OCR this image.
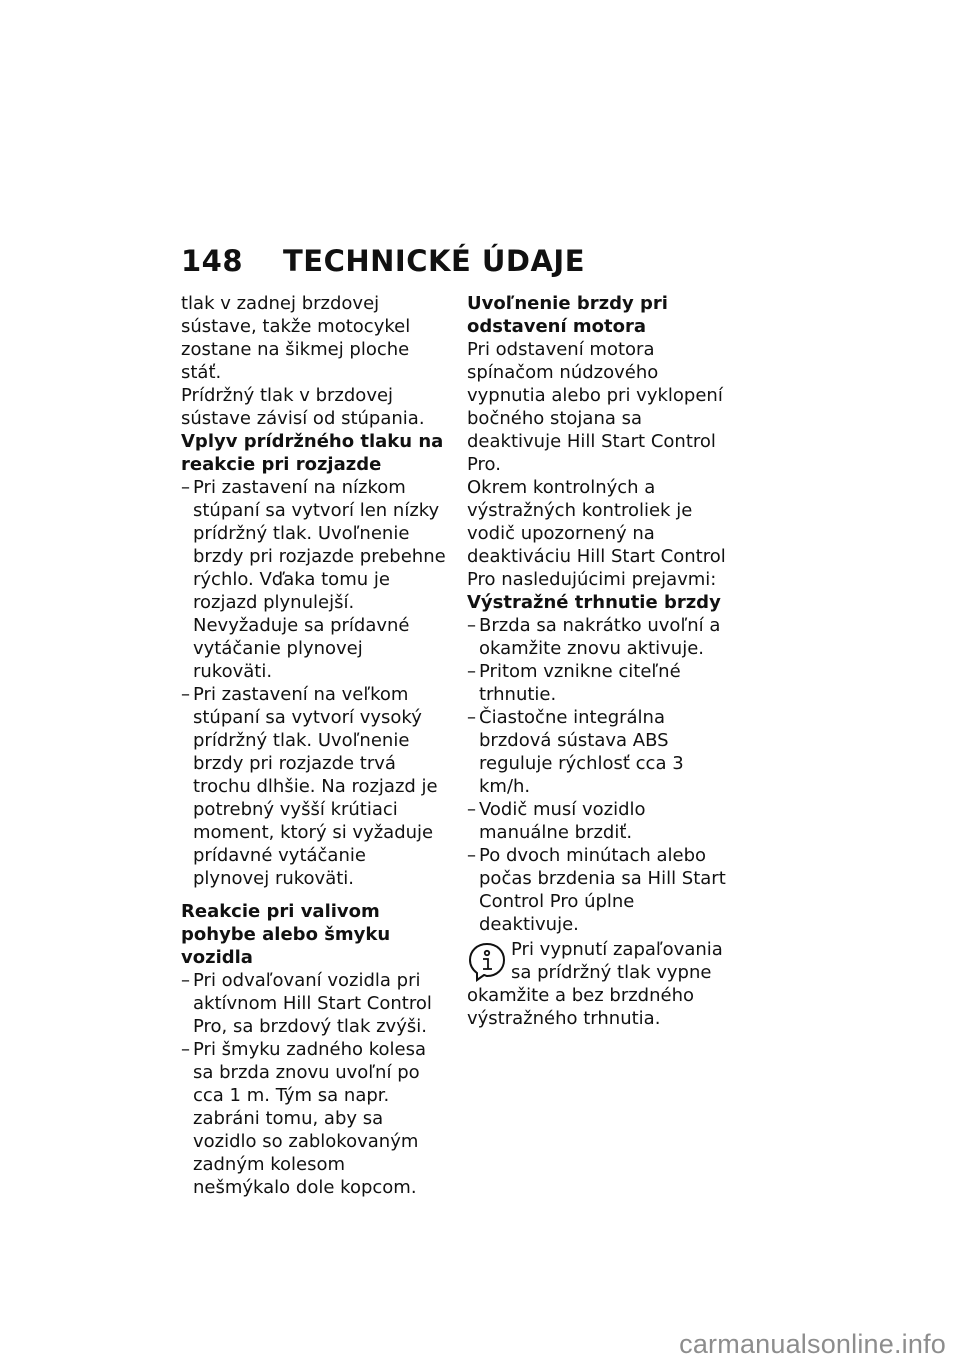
148 TECHNICKÉ ÚDAJE

tlak v zadnej brzdovej sústave, takže motocykel zostane na šikmej ploche stáť.

Prídržný tlak v brzdovej sústave závisí od stúpania.

Vplyv prídržného tlaku na reakcie pri rozjazde
– Pri zastavení na nízkom stúpaní sa vytvorí len nízky prídržný tlak. Uvoľnenie brzdy pri rozjazde prebehne rýchlo. Vďaka tomu je rozjazd plynulejší. Nevyžaduje sa prídavné vytáčanie plynovej rukoväti.
– Pri zastavení na veľkom stúpaní sa vytvorí vysoký prídržný tlak. Uvoľnenie brzdy pri rozjazde trvá trochu dlhšie. Na rozjazd je potrebný vyšší krútiaci moment, ktorý si vyžaduje prídavné vytáčanie plynovej rukoväti.
Reakcie pri valivom pohybe alebo šmyku vozidla
– Pri odvaľovaní vozidla pri aktívnom Hill Start Control Pro, sa brzdový tlak zvýši.
– Pri šmyku zadného kolesa sa brzda znovu uvoľní po cca 1 m. Tým sa napr. zabráni tomu, aby sa vozidlo so zablokovaným zadným kolesom nešmýkalo dole kopcom.
Uvoľnenie brzdy pri odstavení motora

Pri odstavení motora spínačom núdzového vypnutia alebo pri vyklopení bočného stojana sa deaktivuje Hill Start Control Pro.

Okrem kontrolných a výstražných kontroliek je vodič upozornený na deaktiváciu Hill Start Control Pro nasledujúcimi prejavmi:

Výstražné trhnutie brzdy
– Brzda sa nakrátko uvoľní a okamžite znovu aktivuje.
– Pritom vznikne citeľné trhnutie.
– Čiastočne integrálna brzdová sústava ABS reguluje rýchlosť cca 3 km/h.
– Vodič musí vozidlo manuálne brzdiť.
– Po dvoch minútach alebo počas brzdenia sa Hill Start Control Pro úplne deaktivuje.

Pri vypnutí zapaľovania sa prídržný tlak vypne okamžite a bez brzdného výstražného trhnutia.

carmanualsonline.info
